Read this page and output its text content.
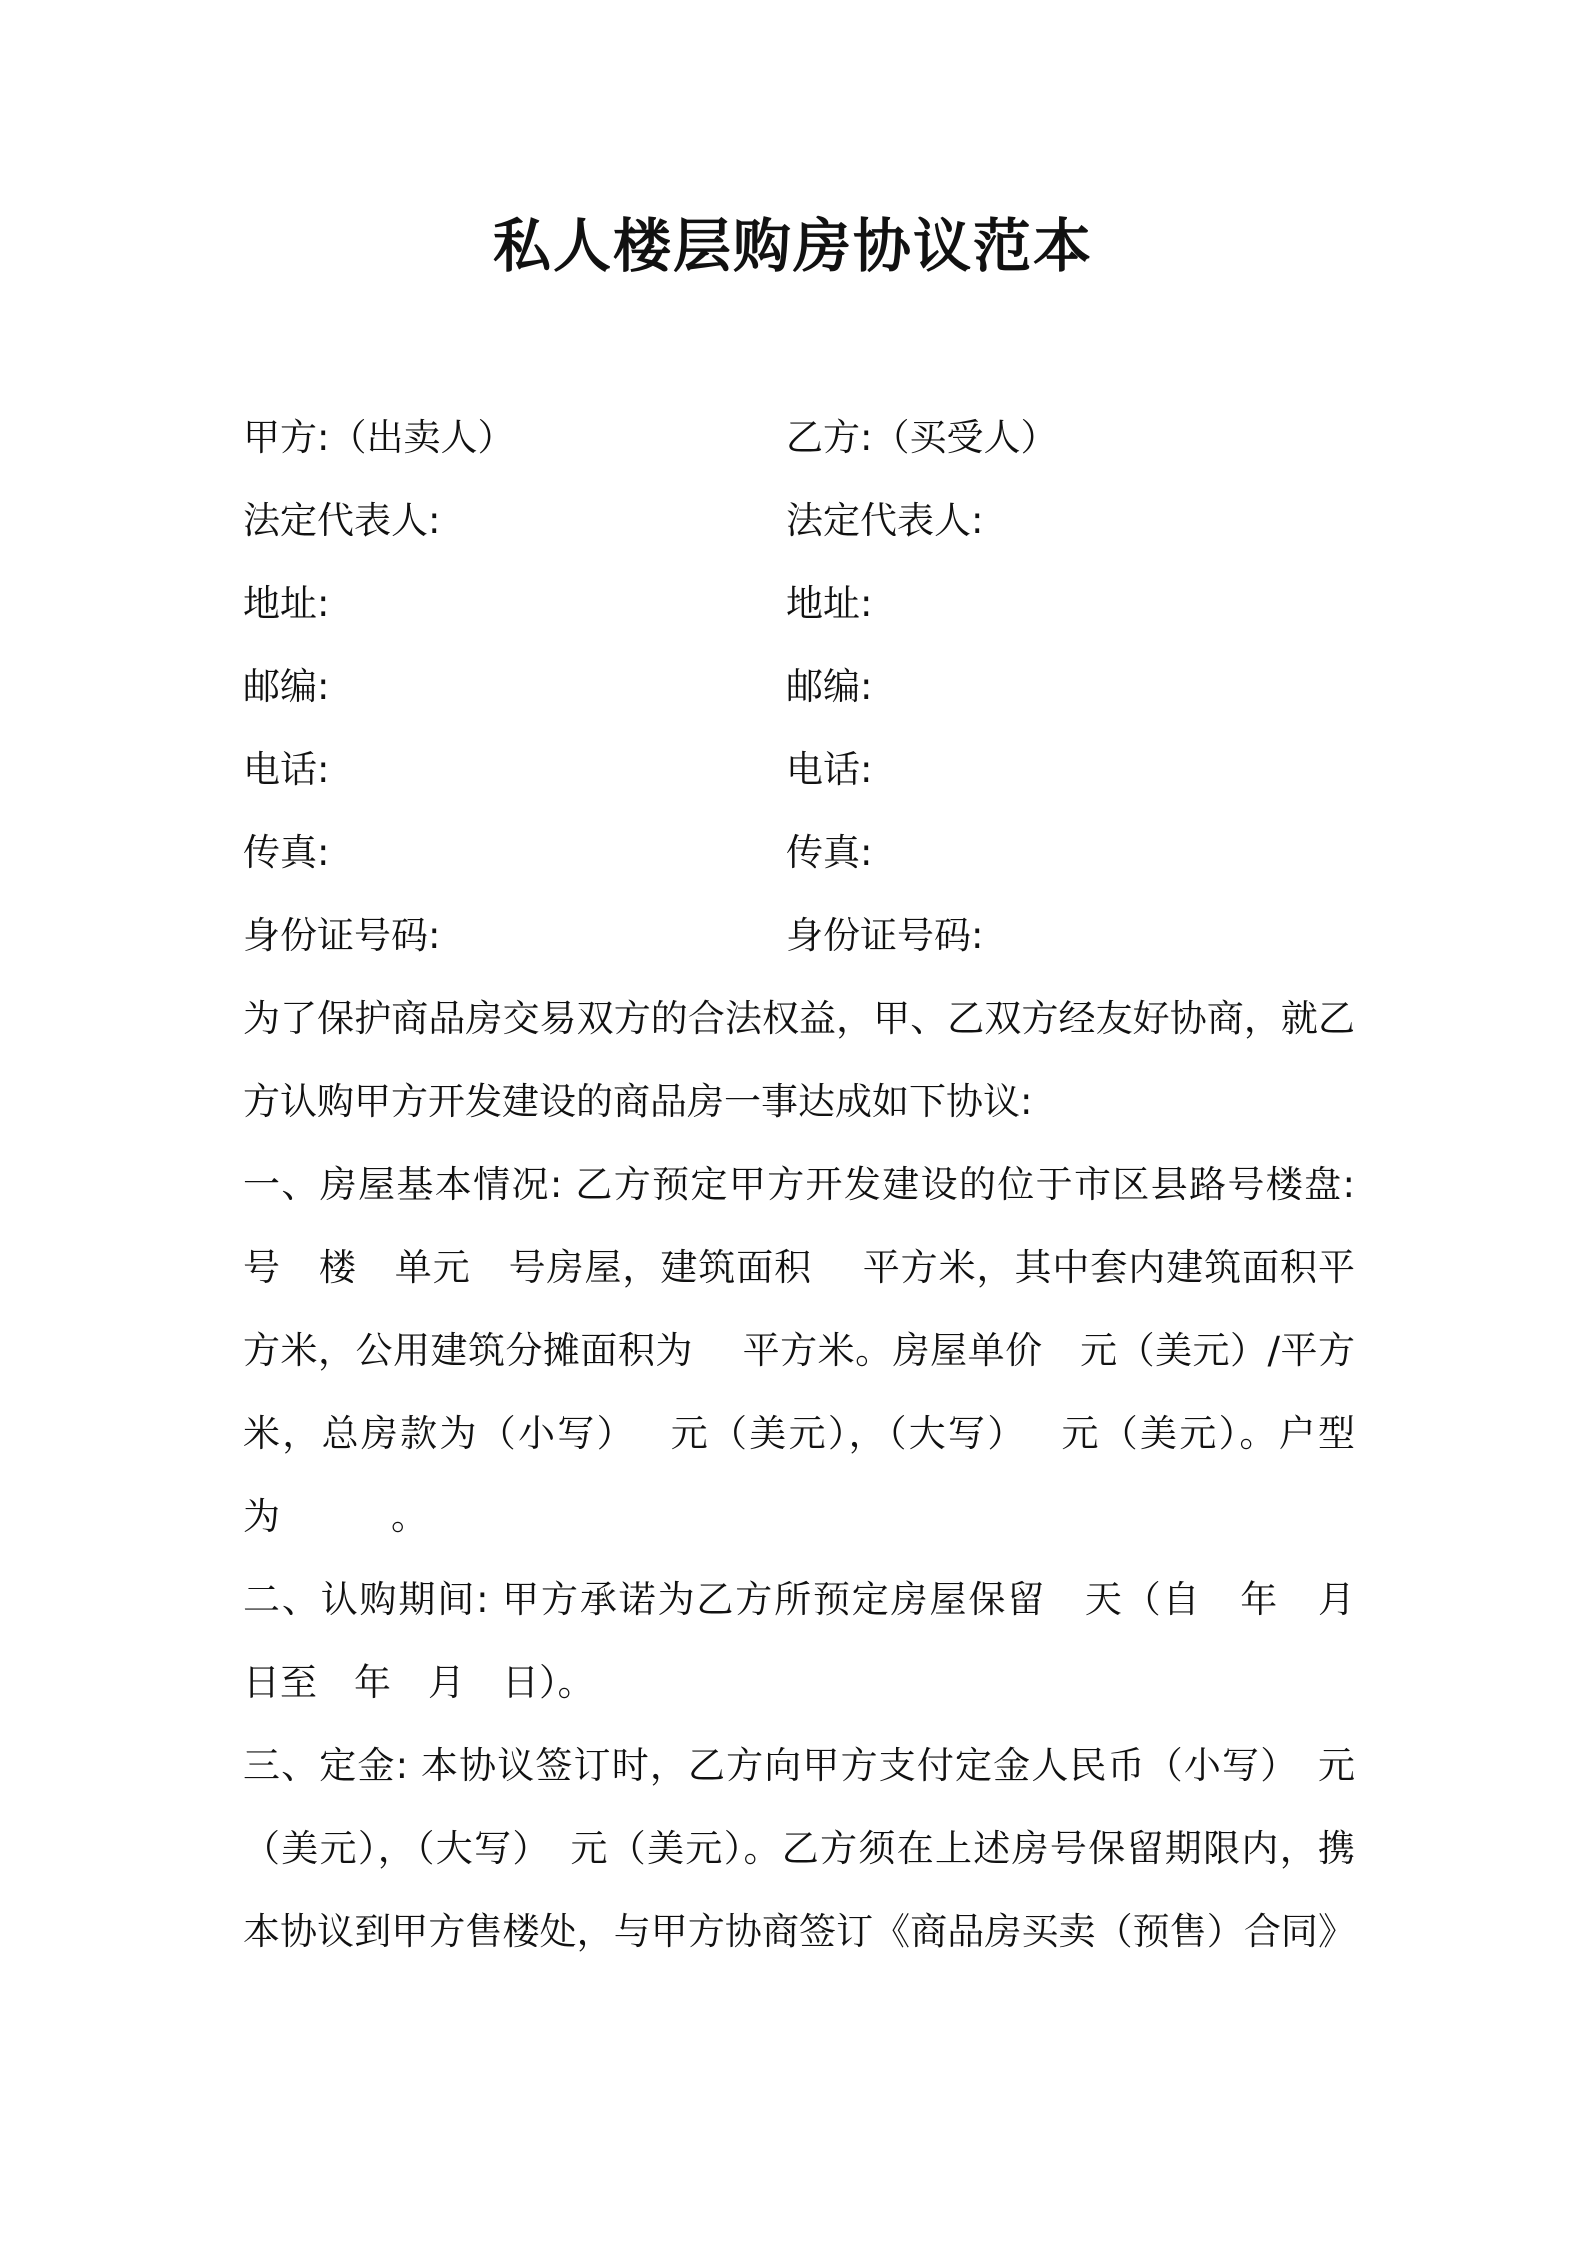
私人楼层购房协议范本
甲方:（出卖人）	乙方:（买受人）
法定代表人:	法定代表人:
地址:	地址:
邮编:	邮编:
电话:	电话:
传真:	传真:
身份证号码:	身份证号码:
为了保护商品房交易双方的合法权益，甲、乙双方经友好协商，就乙
方认购甲方开发建设的商品房一事达成如下协议:
一、房屋基本情况: 乙方预定甲方开发建设的位于市区县路号楼盘:
号　楼　单元　号房屋，建筑面积　 平方米，其中套内建筑面积平
方米，公用建筑分摊面积为　 平方米。房屋单价　元（美元）/平方
米，总房款为（小写）　 元（美元），（大写）　 元（美元）。户型
为　　　。
二、认购期间: 甲方承诺为乙方所预定房屋保留　天（自　年　月
日至　年　月　日）。
三、定金: 本协议签订时，乙方向甲方支付定金人民币（小写）　元
（美元），（大写）　元（美元）。乙方须在上述房号保留期限内，携
本协议到甲方售楼处，与甲方协商签订《商品房买卖（预售）合同》
